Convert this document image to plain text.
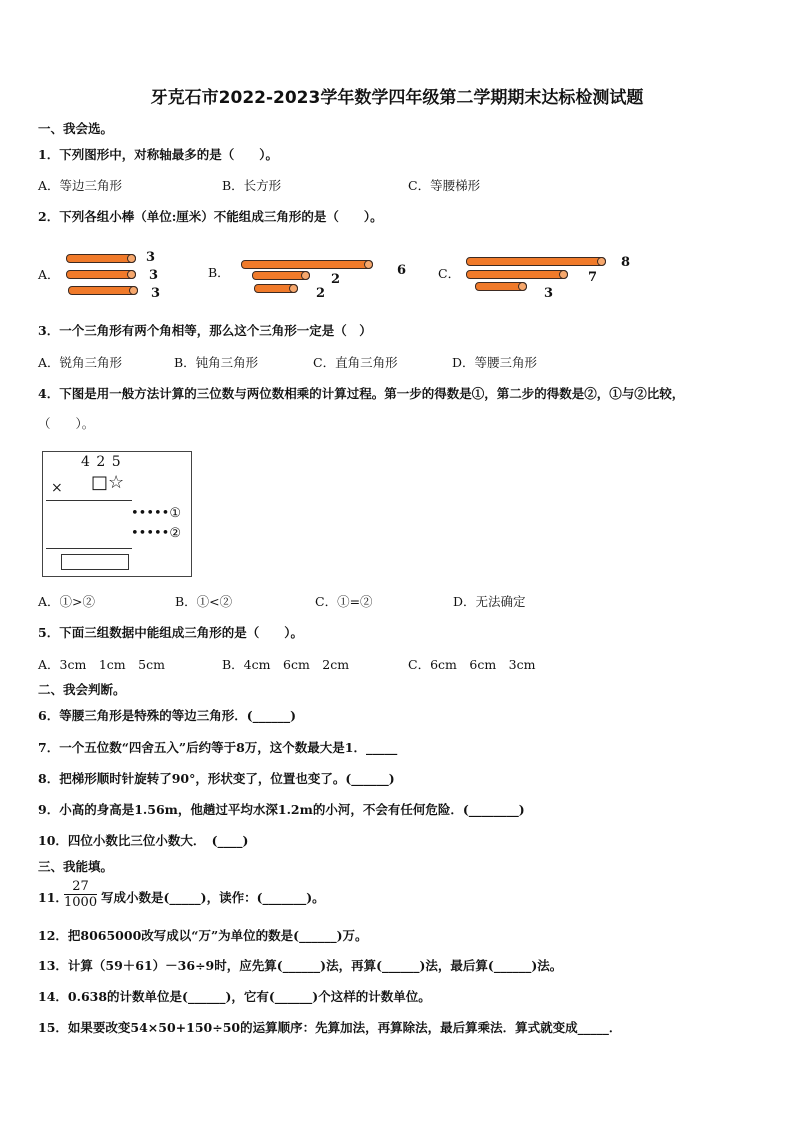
牙克石市2022-2023学年数学四年级第二学期期末达标检测试题
一、我会选。
1．下列图形中，对称轴最多的是（　　）。
A．等边三角形	B．长方形	C．等腰梯形
2．下列各组小棒（单位:厘米）不能组成三角形的是（　　）。
A．
3
3
3
B．	6
2
2
C．
8
7
3
3．一个三角形有两个角相等，那么这个三角形一定是（　）
A．锐角三角形	B．钝角三角形	C．直角三角形	D．等腰三角形
4．下图是用一般方法计算的三位数与两位数相乘的计算过程。第一步的得数是①，第二步的得数是②，①与②比较，
（　　）。
4 2 5
× □☆
•••••①
•••••②
A．①>②	B．①<②	C．①=②	D．无法确定
5．下面三组数据中能组成三角形的是（　　）。
A．3cm　1cm　5cm	B．4cm　6cm　2cm	C．6cm　6cm　3cm
二、我会判断。
6．等腰三角形是特殊的等边三角形．(______)
7．一个五位数“四舍五入”后约等于8万，这个数最大是1．_____
8．把梯形顺时针旋转了90°，形状变了，位置也变了。(______)
9．小高的身高是1.56m，他趟过平均水深1.2m的小河，不会有任何危险．(________)
10．四位小数比三位小数大．　(____)
三、我能填。
11．
$\frac{27}{1000}$ 写成小数是(_____)，读作：(_______)。
12．把8065000改写成以“万”为单位的数是(______)万。
13．计算（59＋61）－36÷9时，应先算(______)法，再算(______)法，最后算(______)法。
14．0.638的计数单位是(______)，它有(______)个这样的计数单位。
15．如果要改变54×50+150÷50的运算顺序：先算加法，再算除法，最后算乘法．算式就变成_____．
